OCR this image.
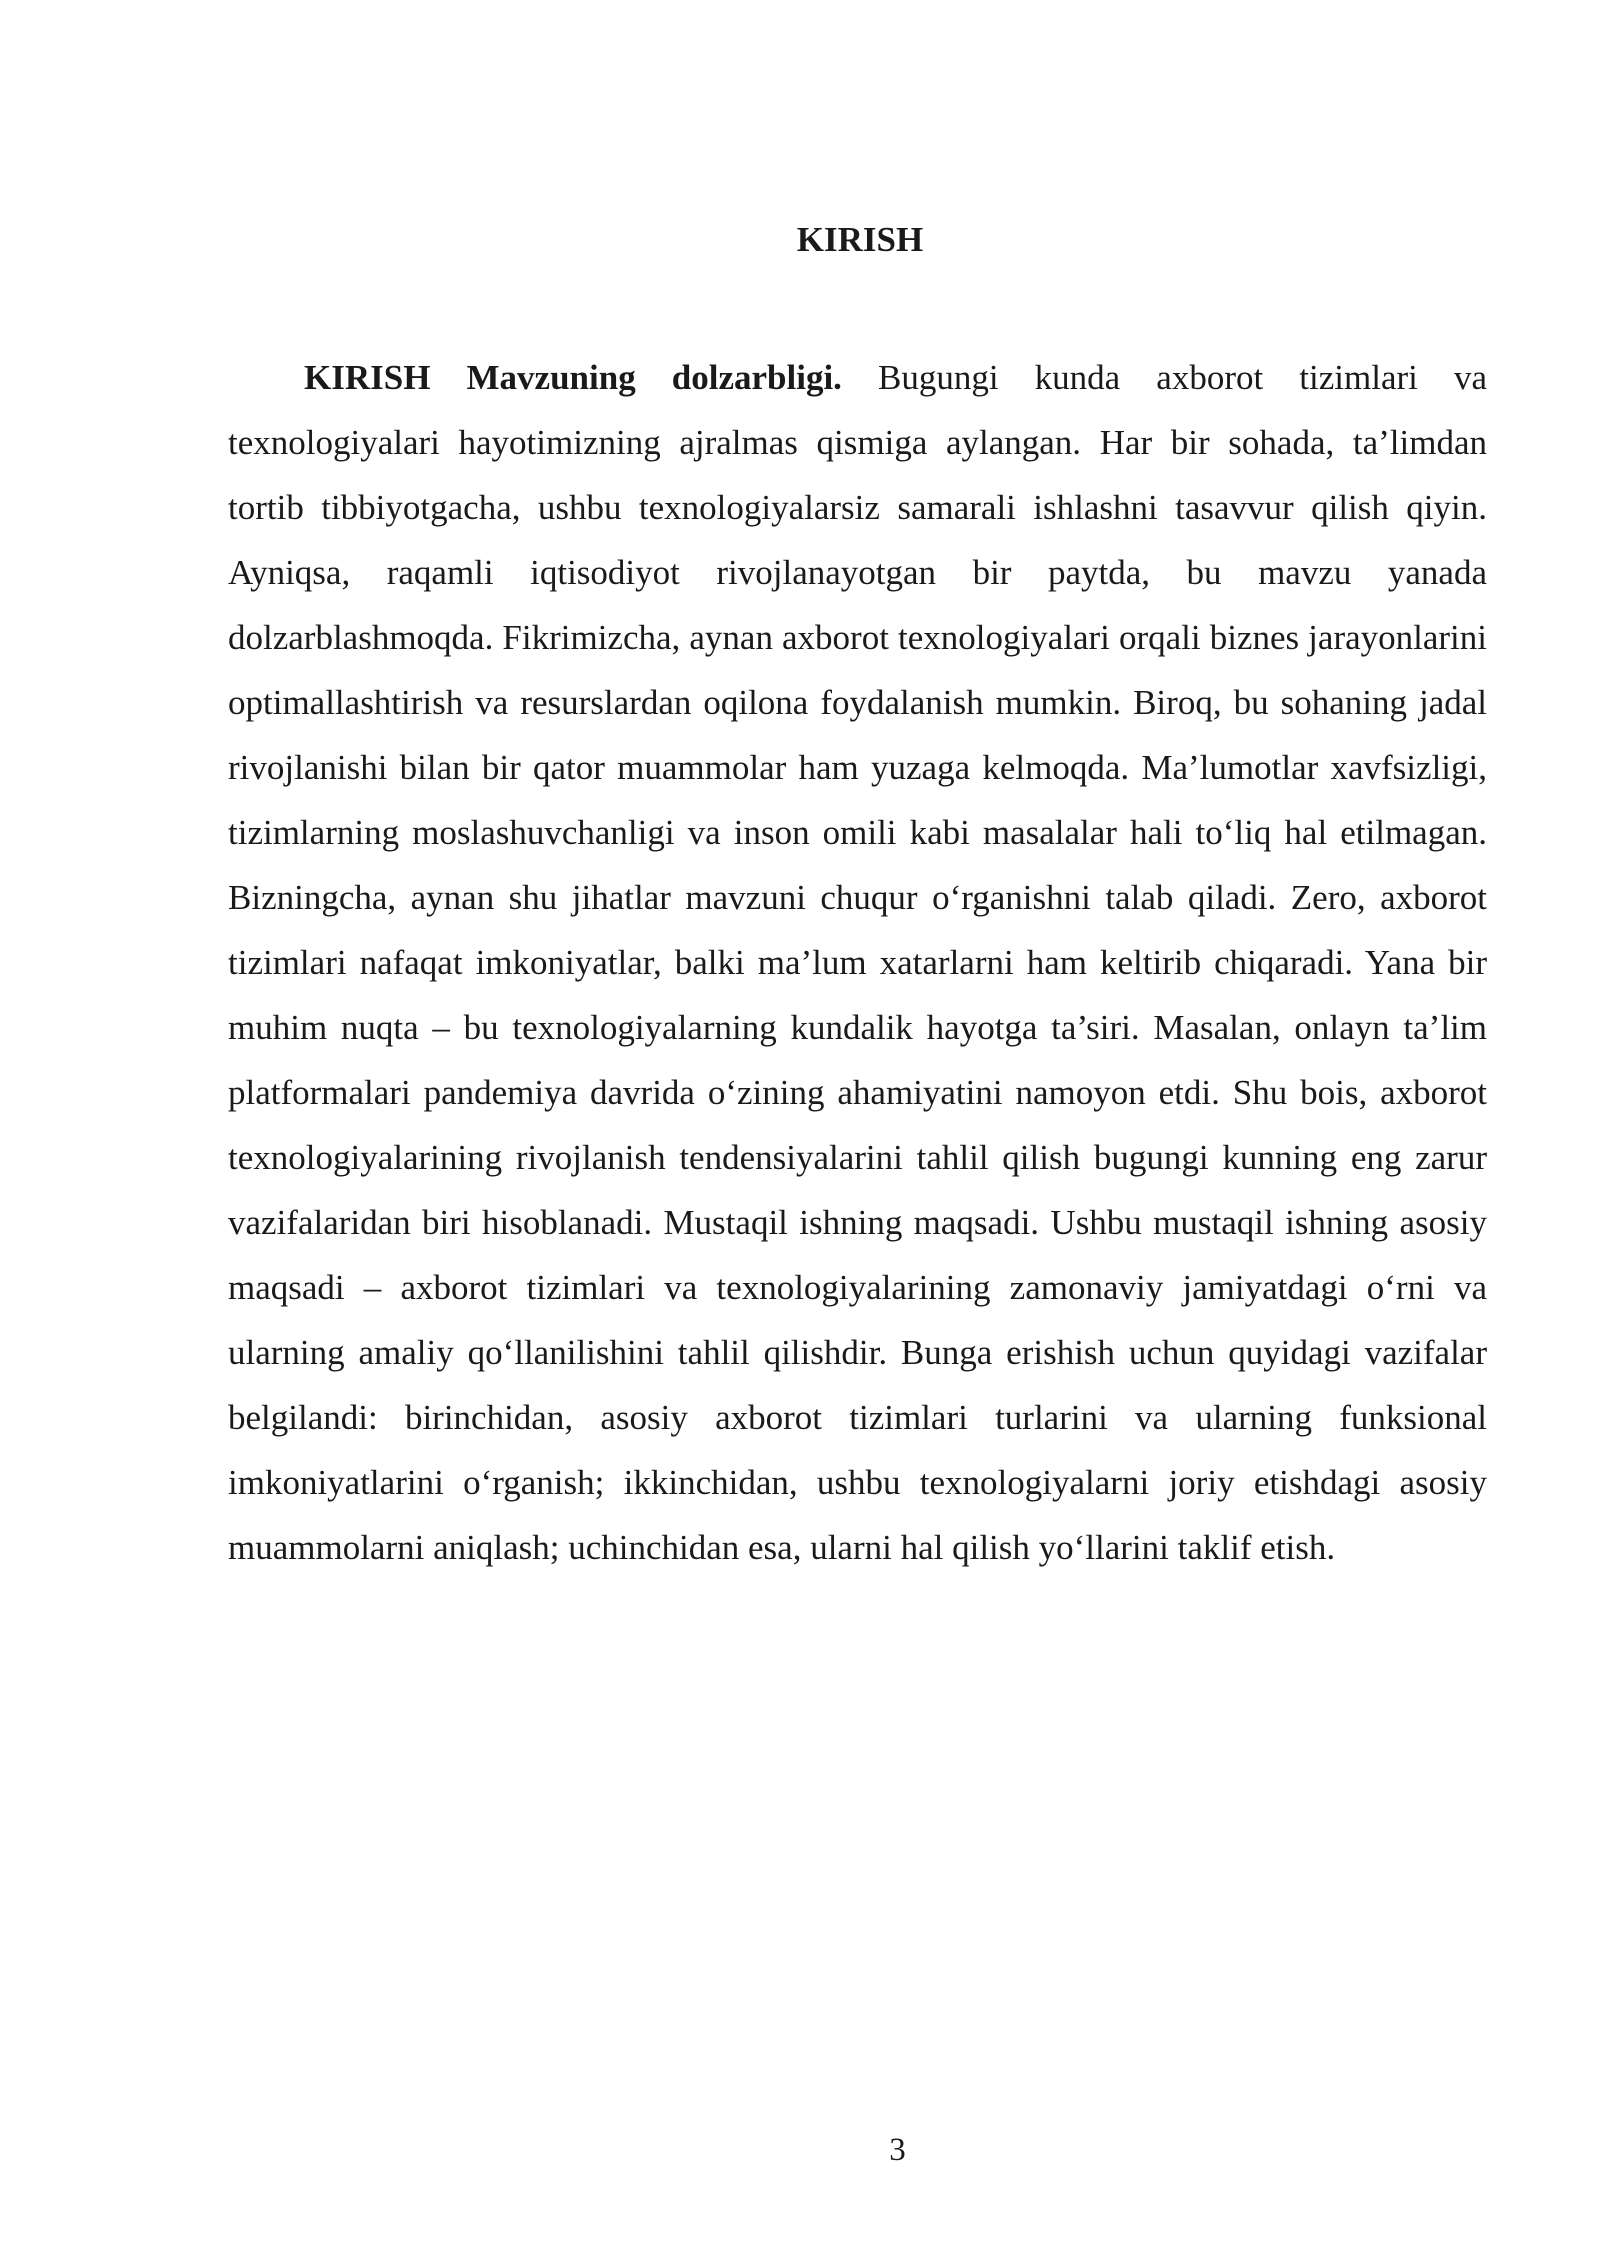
KIRISH

KIRISH Mavzuning dolzarbligi. Bugungi kunda axborot tizimlari va texnologiyalari hayotimizning ajralmas qismiga aylangan. Har bir sohada, ta’limdan tortib tibbiyotgacha, ushbu texnologiyalarsiz samarali ishlashni tasavvur qilish qiyin. Ayniqsa, raqamli iqtisodiyot rivojlanayotgan bir paytda, bu mavzu yanada dolzarblashmoqda. Fikrimizcha, aynan axborot texnologiyalari orqali biznes jarayonlarini optimallashtirish va resurslardan oqilona foydalanish mumkin. Biroq, bu sohaning jadal rivojlanishi bilan bir qator muammolar ham yuzaga kelmoqda. Ma’lumotlar xavfsizligi, tizimlarning moslashuvchanligi va inson omili kabi masalalar hali to‘liq hal etilmagan. Bizningcha, aynan shu jihatlar mavzuni chuqur o‘rganishni talab qiladi. Zero, axborot tizimlari nafaqat imkoniyatlar, balki ma’lum xatarlarni ham keltirib chiqaradi. Yana bir muhim nuqta – bu texnologiyalarning kundalik hayotga ta’siri. Masalan, onlayn ta’lim platformalari pandemiya davrida o‘zining ahamiyatini namoyon etdi. Shu bois, axborot texnologiyalarining rivojlanish tendensiyalarini tahlil qilish bugungi kunning eng zarur vazifalaridan biri hisoblanadi. Mustaqil ishning maqsadi. Ushbu mustaqil ishning asosiy maqsadi – axborot tizimlari va texnologiyalarining zamonaviy jamiyatdagi o‘rni va ularning amaliy qo‘llanilishini tahlil qilishdir. Bunga erishish uchun quyidagi vazifalar belgilandi: birinchidan, asosiy axborot tizimlari turlarini va ularning funksional imkoniyatlarini o‘rganish; ikkinchidan, ushbu texnologiyalarni joriy etishdagi asosiy muammolarni aniqlash; uchinchidan esa, ularni hal qilish yo‘llarini taklif etish.

3
